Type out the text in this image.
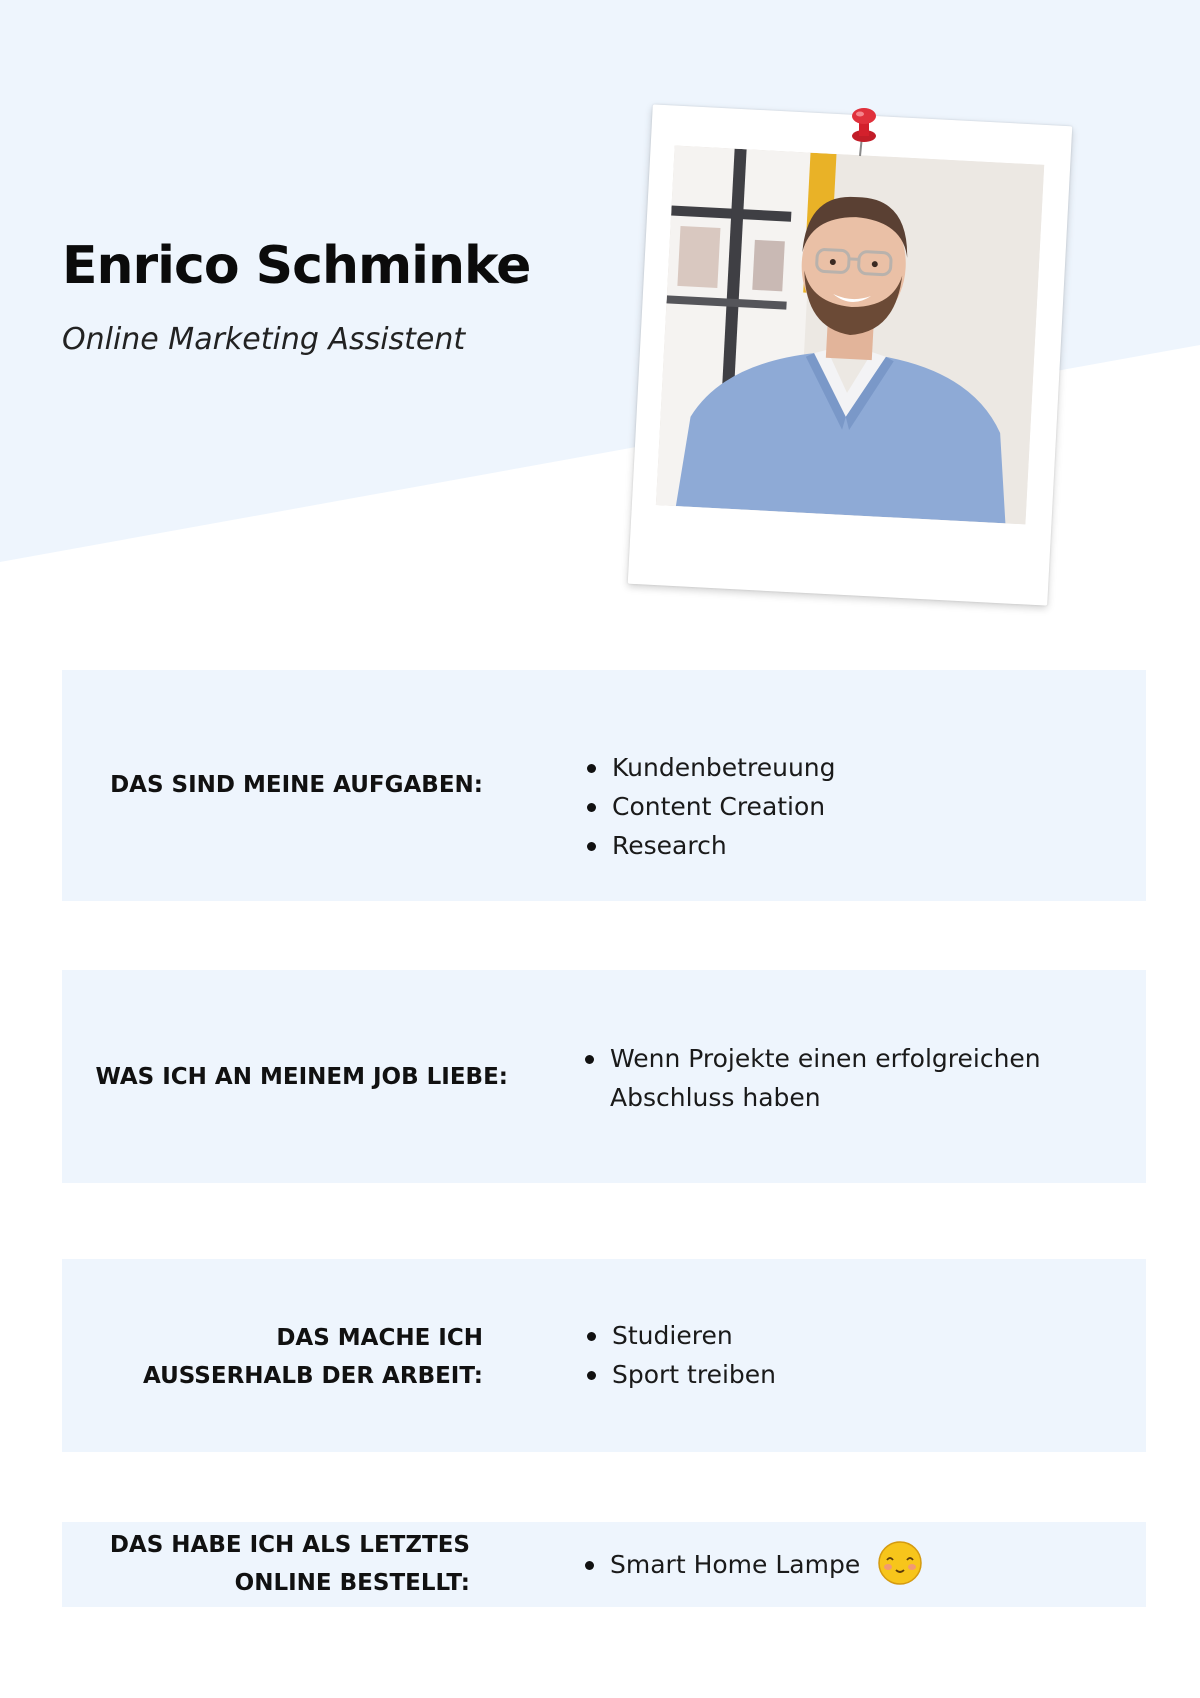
Enrico Schminke
Online Marketing Assistent

DAS SIND MEINE AUFGABEN:

Kundenbetreuung
Content Creation
Research

WAS ICH AN MEINEM JOB LIEBE:

Wenn Projekte einen erfolgreichen
Abschluss haben

DAS MACHE ICH
AUSSERHALB DER ARBEIT:

Studieren
Sport treiben

DAS HABE ICH ALS LETZTES
ONLINE BESTELLT:

Smart Home Lampe
